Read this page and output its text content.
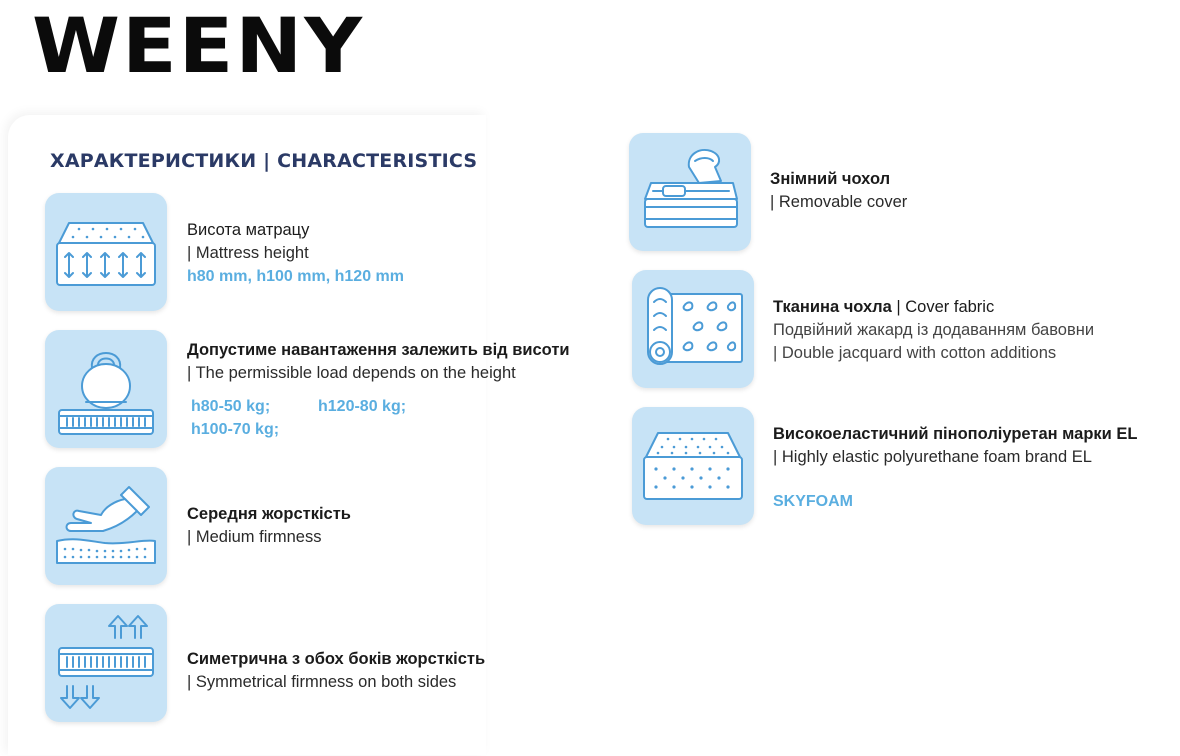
WEENY
ХАРАКТЕРИСТИКИ | CHARACTERISTICS
Висота матрацу
| Mattress height
h80 mm, h100 mm, h120 mm
Допустиме навантаження залежить від висоти
| The permissible load depends on the height
h80-50 kg;	h120-80 kg;
h100-70 kg;
Середня жорсткість
| Medium firmness
Симетрична з обох боків жорсткість
| Symmetrical firmness on both sides
Знімний чохол
| Removable cover
Тканина чохла | Cover fabric
Подвійний жакард із додаванням бавовни
| Double jacquard with cotton additions
Високоеластичний пінополіуретан марки EL
| Highly elastic polyurethane foam brand EL
SKYFOAM
